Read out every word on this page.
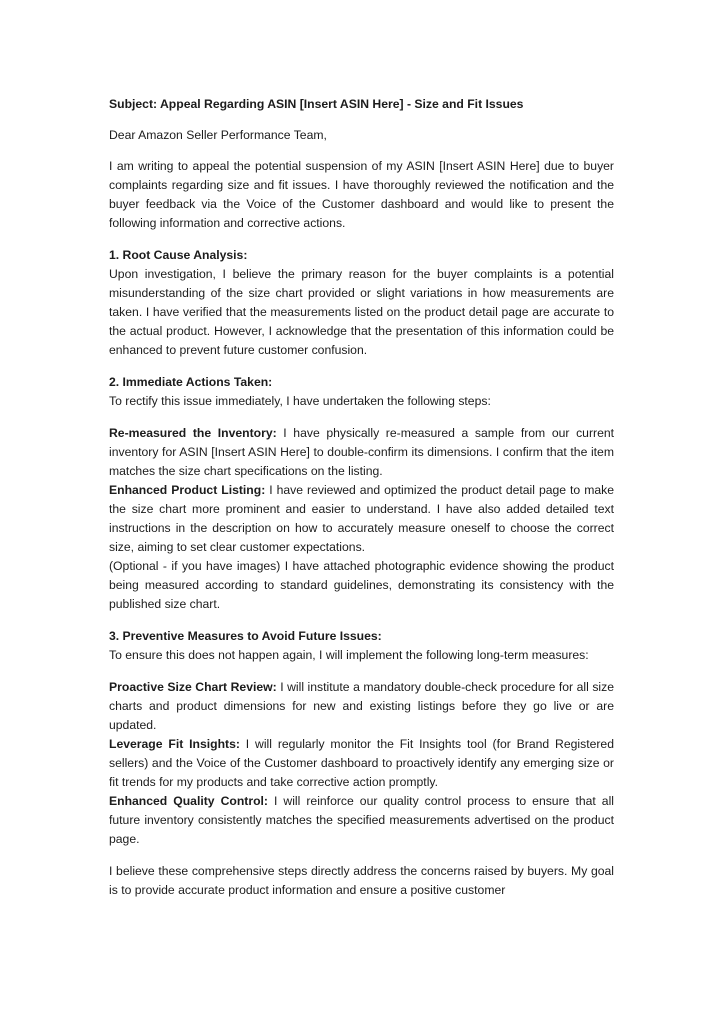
Subject: Appeal Regarding ASIN [Insert ASIN Here] - Size and Fit Issues

Dear Amazon Seller Performance Team,

I am writing to appeal the potential suspension of my ASIN [Insert ASIN Here] due to buyer complaints regarding size and fit issues. I have thoroughly reviewed the notification and the buyer feedback via the Voice of the Customer dashboard and would like to present the following information and corrective actions.

1. Root Cause Analysis:

Upon investigation, I believe the primary reason for the buyer complaints is a potential misunderstanding of the size chart provided or slight variations in how measurements are taken. I have verified that the measurements listed on the product detail page are accurate to the actual product. However, I acknowledge that the presentation of this information could be enhanced to prevent future customer confusion.

2. Immediate Actions Taken:

To rectify this issue immediately, I have undertaken the following steps:

Re-measured the Inventory: I have physically re-measured a sample from our current inventory for ASIN [Insert ASIN Here] to double-confirm its dimensions. I confirm that the item matches the size chart specifications on the listing.

Enhanced Product Listing: I have reviewed and optimized the product detail page to make the size chart more prominent and easier to understand. I have also added detailed text instructions in the description on how to accurately measure oneself to choose the correct size, aiming to set clear customer expectations.

(Optional - if you have images) I have attached photographic evidence showing the product being measured according to standard guidelines, demonstrating its consistency with the published size chart.

3. Preventive Measures to Avoid Future Issues:

To ensure this does not happen again, I will implement the following long-term measures:

Proactive Size Chart Review: I will institute a mandatory double-check procedure for all size charts and product dimensions for new and existing listings before they go live or are updated.

Leverage Fit Insights: I will regularly monitor the Fit Insights tool (for Brand Registered sellers) and the Voice of the Customer dashboard to proactively identify any emerging size or fit trends for my products and take corrective action promptly.

Enhanced Quality Control: I will reinforce our quality control process to ensure that all future inventory consistently matches the specified measurements advertised on the product page.

I believe these comprehensive steps directly address the concerns raised by buyers. My goal is to provide accurate product information and ensure a positive customer
